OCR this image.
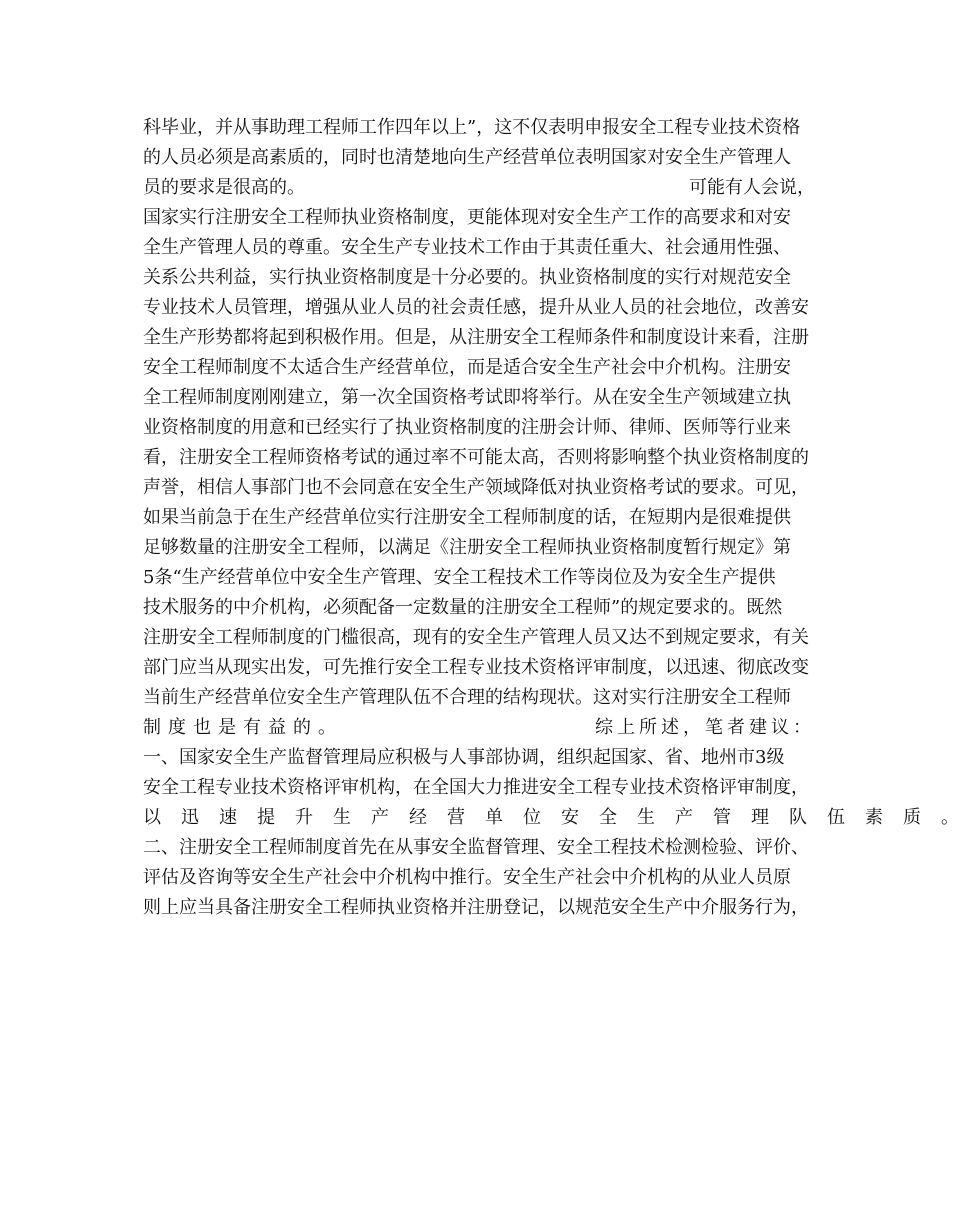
科毕业，并从事助理工程师工作四年以上”，这不仅表明申报安全工程专业技术资格

的人员必须是高素质的，同时也清楚地向生产经营单位表明国家对安全生产管理人

员的要求是很高的。	可能有人会说，

国家实行注册安全工程师执业资格制度，更能体现对安全生产工作的高要求和对安

全生产管理人员的尊重。安全生产专业技术工作由于其责任重大、社会通用性强、

关系公共利益，实行执业资格制度是十分必要的。执业资格制度的实行对规范安全

专业技术人员管理，增强从业人员的社会责任感，提升从业人员的社会地位，改善安

全生产形势都将起到积极作用。但是，从注册安全工程师条件和制度设计来看，注册

安全工程师制度不太适合生产经营单位，而是适合安全生产社会中介机构。注册安

全工程师制度刚刚建立，第一次全国资格考试即将举行。从在安全生产领域建立执

业资格制度的用意和已经实行了执业资格制度的注册会计师、律师、医师等行业来

看，注册安全工程师资格考试的通过率不可能太高，否则将影响整个执业资格制度的

声誉，相信人事部门也不会同意在安全生产领域降低对执业资格考试的要求。可见，

如果当前急于在生产经营单位实行注册安全工程师制度的话，在短期内是很难提供

足够数量的注册安全工程师，以满足《注册安全工程师执业资格制度暂行规定》第

5条“生产经营单位中安全生产管理、安全工程技术工作等岗位及为安全生产提供

技术服务的中介机构，必须配备一定数量的注册安全工程师”的规定要求的。既然

注册安全工程师制度的门槛很高，现有的安全生产管理人员又达不到规定要求，有关

部门应当从现实出发，可先推行安全工程专业技术资格评审制度，以迅速、彻底改变

当前生产经营单位安全生产管理队伍不合理的结构现状。这对实行注册安全工程师

制度也是有益的。	综上所述，笔者建议：

一、国家安全生产监督管理局应积极与人事部协调，组织起国家、省、地州市3级

安全工程专业技术资格评审机构，在全国大力推进安全工程专业技术资格评审制度，

以迅速提升生产经营单位安全生产管理队伍素质。

二、注册安全工程师制度首先在从事安全监督管理、安全工程技术检测检验、评价、

评估及咨询等安全生产社会中介机构中推行。安全生产社会中介机构的从业人员原

则上应当具备注册安全工程师执业资格并注册登记，以规范安全生产中介服务行为，
